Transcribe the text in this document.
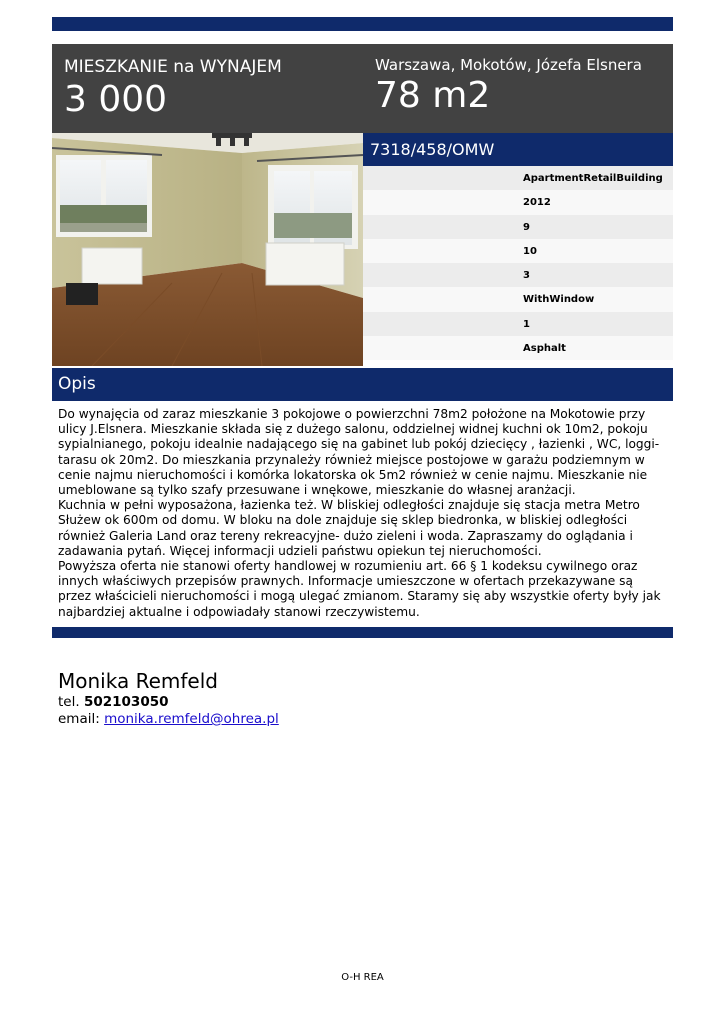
MIESZKANIE na WYNAJEM
3 000
Warszawa, Mokotów, Józefa Elsnera
78 m2
7318/458/OMW
ApartmentRetailBuilding
2012
9
10
3
WithWindow
1
Asphalt
Opis

Do wynajęcia od zaraz mieszkanie 3 pokojowe o powierzchni 78m2 położone na Mokotowie przy

ulicy J.Elsnera. Mieszkanie składa się z dużego salonu, oddzielnej widnej kuchni ok 10m2, pokoju

sypialnianego, pokoju idealnie nadającego się na gabinet lub pokój dziecięcy , łazienki , WC, loggi-

tarasu ok 20m2. Do mieszkania przynależy również miejsce postojowe w garażu podziemnym w

cenie najmu nieruchomości i komórka lokatorska ok 5m2 również w cenie najmu. Mieszkanie nie

umeblowane są tylko szafy przesuwane i wnękowe, mieszkanie do własnej aranżacji.

Kuchnia w pełni wyposażona, łazienka też. W bliskiej odległości znajduje się stacja metra Metro

Służew ok 600m od domu. W bloku na dole znajduje się sklep biedronka, w bliskiej odległości

również Galeria Land oraz tereny rekreacyjne- dużo zieleni i woda. Zapraszamy do oglądania i

zadawania pytań. Więcej informacji udzieli państwu opiekun tej nieruchomości.

Powyższa oferta nie stanowi oferty handlowej w rozumieniu art. 66 § 1 kodeksu cywilnego oraz

innych właściwych przepisów prawnych. Informacje umieszczone w ofertach przekazywane są

przez właścicieli nieruchomości i mogą ulegać zmianom. Staramy się aby wszystkie oferty były jak

najbardziej aktualne i odpowiadały stanowi rzeczywistemu.

Monika Remfeld
tel. 502103050
email: monika.remfeld@ohrea.pl
O-H REA
